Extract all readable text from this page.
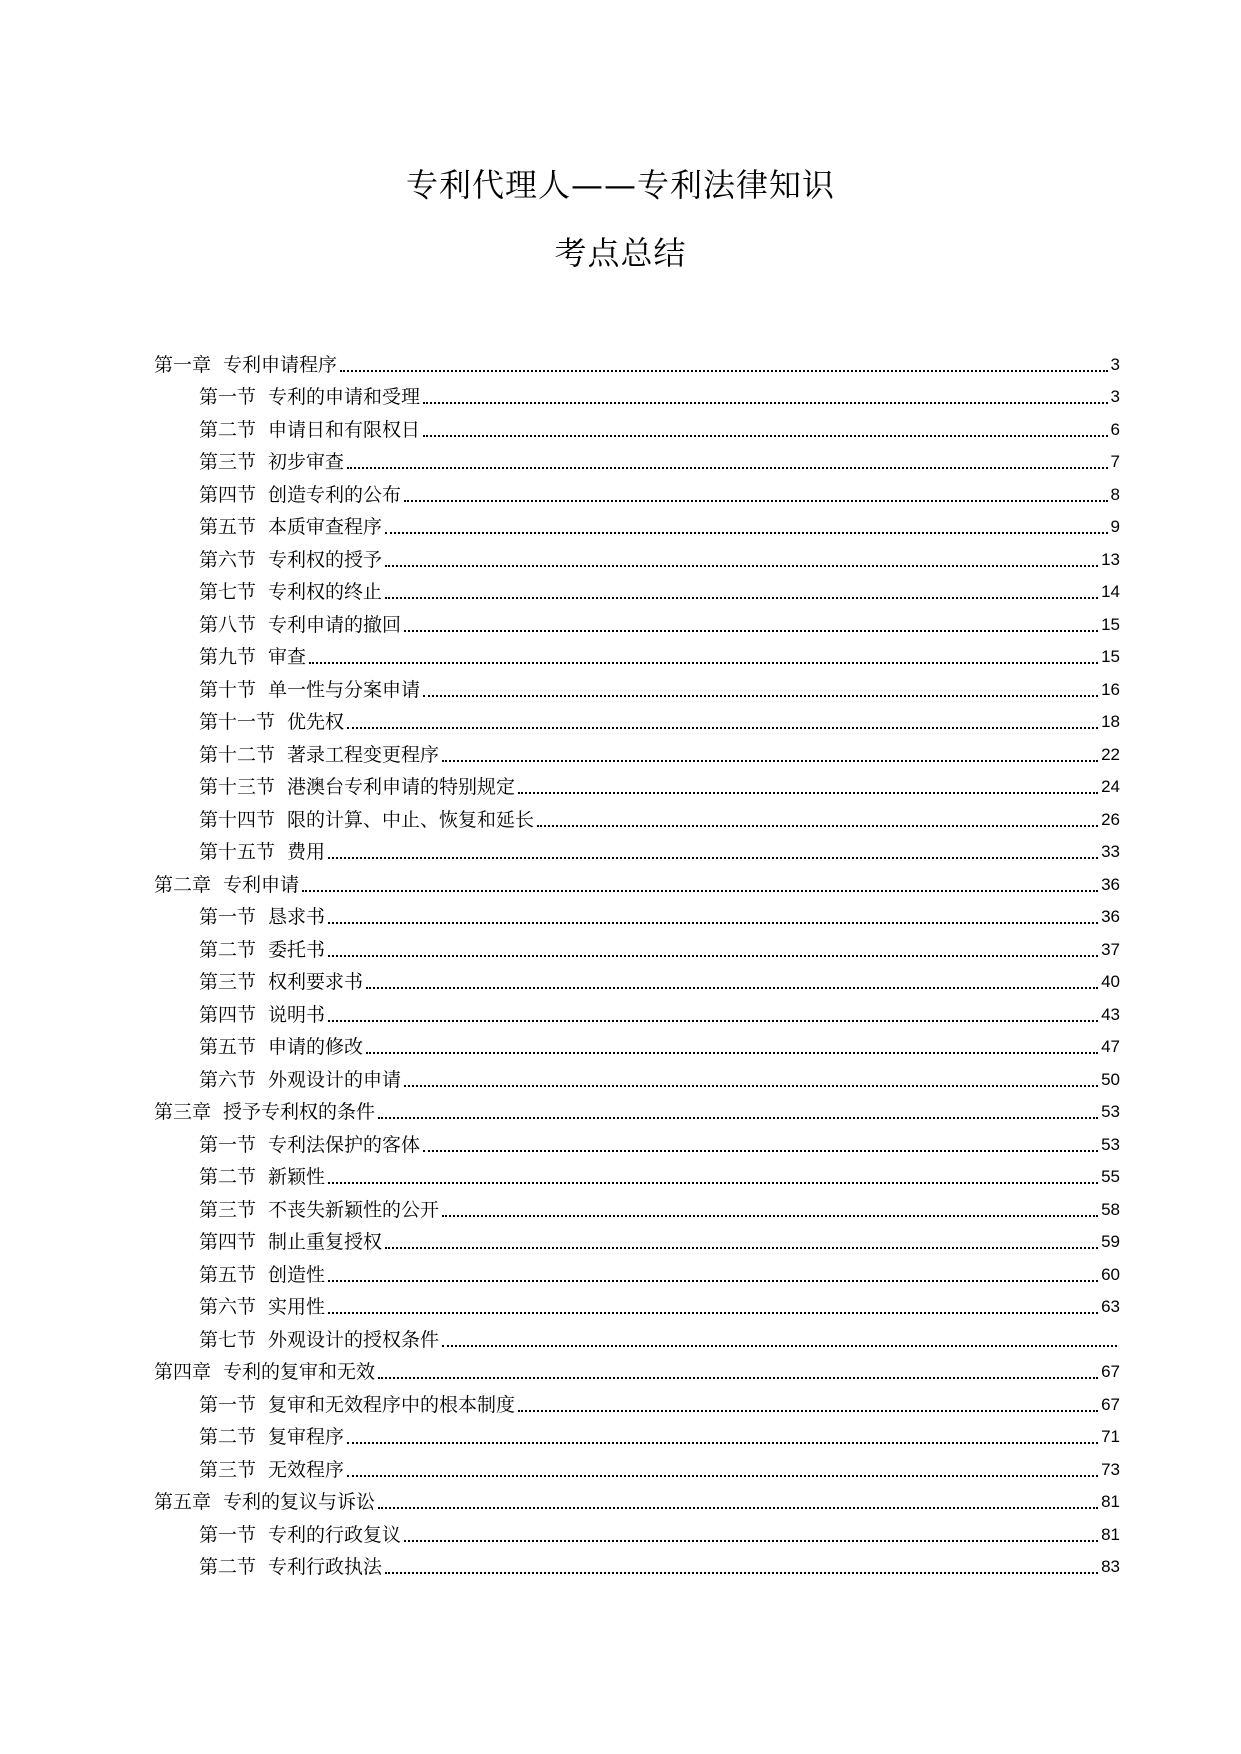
专利代理人——专利法律知识
考点总结
第一章 专利申请程序	3
第一节 专利的申请和受理	3
第二节 申请日和有限权日	6
第三节 初步审查	7
第四节 创造专利的公布	8
第五节 本质审查程序	9
第六节 专利权的授予	13
第七节 专利权的终止	14
第八节 专利申请的撤回	15
第九节 审查	15
第十节 单一性与分案申请	16
第十一节 优先权	18
第十二节 著录工程变更程序	22
第十三节 港澳台专利申请的特别规定	24
第十四节 限的计算、中止、恢复和延长	26
第十五节 费用	33
第二章 专利申请	36
第一节 恳求书	36
第二节 委托书	37
第三节 权利要求书	40
第四节 说明书	43
第五节 申请的修改	47
第六节 外观设计的申请	50
第三章 授予专利权的条件	53
第一节 专利法保护的客体	53
第二节 新颖性	55
第三节 不丧失新颖性的公开	58
第四节 制止重复授权	59
第五节 创造性	60
第六节 实用性	63
第七节 外观设计的授权条件
第四章 专利的复审和无效	67
第一节 复审和无效程序中的根本制度	67
第二节 复审程序	71
第三节 无效程序	73
第五章 专利的复议与诉讼	81
第一节 专利的行政复议	81
第二节 专利行政执法	83
